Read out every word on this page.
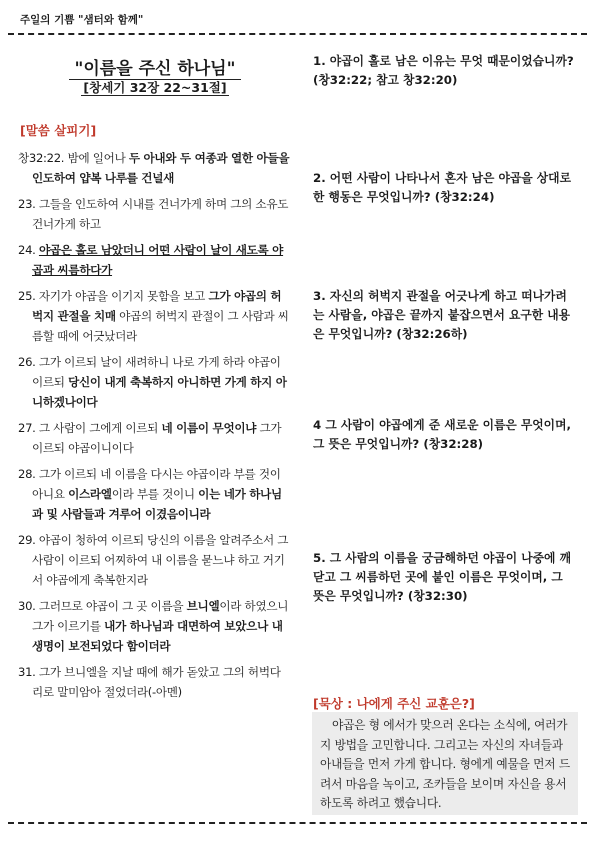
주일의 기쁨 "샘터와 함께"
"이름을 주신 하나님"
[창세기 32장 22~31절]
[말씀 살피기]

창32:22. 밤에 일어나 두 아내와 두 여종과 열한 아들을 인도하여 얍복 나루를 건널새

23. 그들을 인도하여 시내를 건너가게 하며 그의 소유도 건너가게 하고

24. 야곱은 홀로 남았더니 어떤 사람이 날이 새도록 야곱과 씨름하다가

25. 자기가 야곱을 이기지 못함을 보고 그가 야곱의 허벅지 관절을 치매 야곱의 허벅지 관절이 그 사람과 씨름할 때에 어긋났더라

26. 그가 이르되 날이 새려하니 나로 가게 하라 야곱이 이르되 당신이 내게 축복하지 아니하면 가게 하지 아니하겠나이다

27. 그 사람이 그에게 이르되 네 이름이 무엇이냐 그가 이르되 야곱이니이다

28. 그가 이르되 네 이름을 다시는 야곱이라 부를 것이 아니요 이스라엘이라 부를 것이니 이는 네가 하나님과 및 사람들과 겨루어 이겼음이니라

29. 야곱이 청하여 이르되 당신의 이름을 알려주소서 그 사람이 이르되 어찌하여 내 이름을 묻느냐 하고 거기서 야곱에게 축복한지라

30. 그러므로 야곱이 그 곳 이름을 브니엘이라 하였으니 그가 이르기를 내가 하나님과 대면하여 보았으나 내 생명이 보전되었다 함이더라

31. 그가 브니엘을 지날 때에 해가 돋았고 그의 허벅다리로 말미암아 절었더라(-아멘)

1. 야곱이 홀로 남은 이유는 무엇 때문이었습니까? (창32:22; 참고 창32:20)
2. 어떤 사람이 나타나서 혼자 남은 야곱을 상대로 한 행동은 무엇입니까? (창32:24)
3. 자신의 허벅지 관절을 어긋나게 하고 떠나가려는 사람을, 야곱은 끝까지 붙잡으면서 요구한 내용은 무엇입니까? (창32:26하)
4 그 사람이 야곱에게 준 새로운 이름은 무엇이며, 그 뜻은 무엇입니까? (창32:28)
5. 그 사람의 이름을 궁금해하던 야곱이 나중에 깨닫고 그 씨름하던 곳에 붙인 이름은 무엇이며, 그 뜻은 무엇입니까? (창32:30)
[묵상 : 나에게 주신 교훈은?]
야곱은 형 에서가 맞으러 온다는 소식에, 여러가지 방법을 고민합니다. 그리고는 자신의 자녀들과 아내들을 먼저 가게 합니다. 형에게 예물을 먼저 드려서 마음을 녹이고, 조카들을 보이며 자신을 용서하도록 하려고 했습니다.
